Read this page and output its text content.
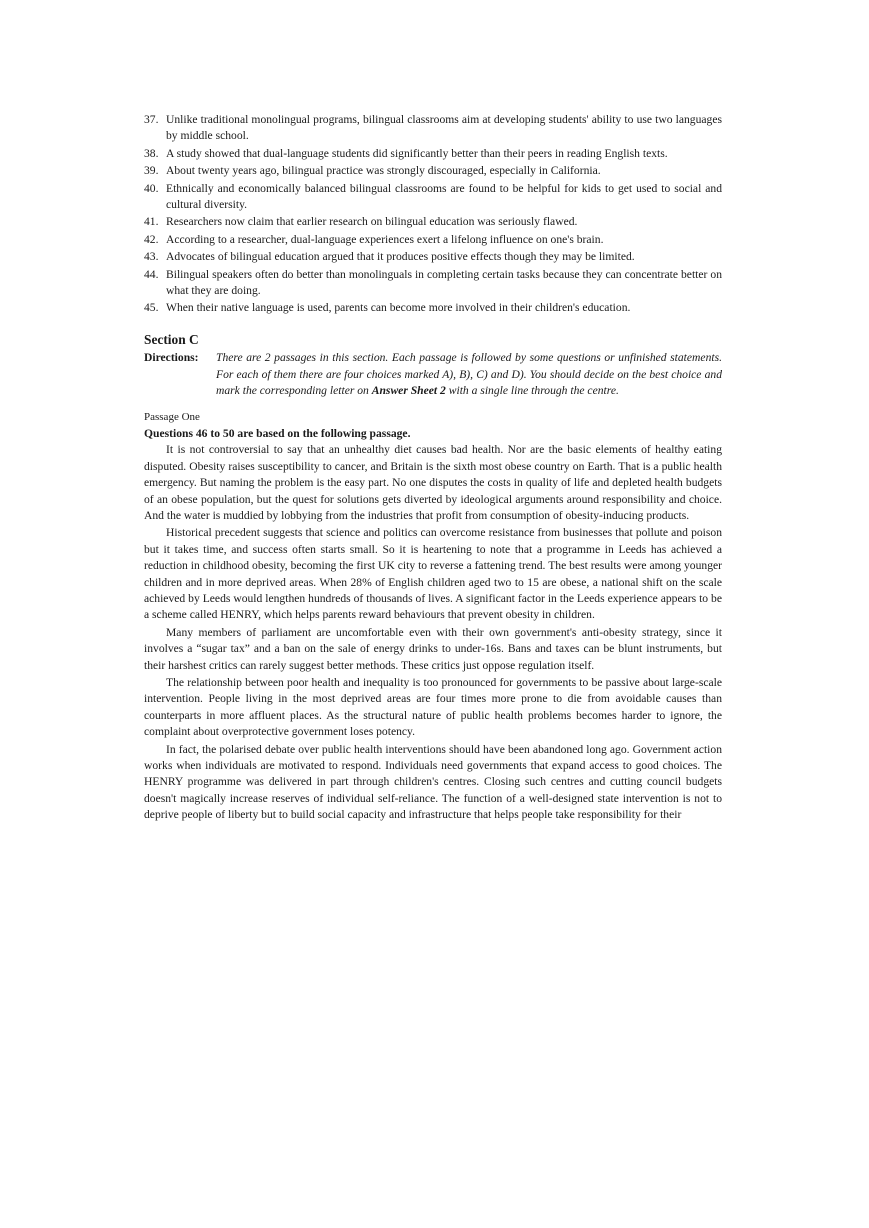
37. Unlike traditional monolingual programs, bilingual classrooms aim at developing students' ability to use two languages by middle school.
38. A study showed that dual-language students did significantly better than their peers in reading English texts.
39. About twenty years ago, bilingual practice was strongly discouraged, especially in California.
40. Ethnically and economically balanced bilingual classrooms are found to be helpful for kids to get used to social and cultural diversity.
41. Researchers now claim that earlier research on bilingual education was seriously flawed.
42. According to a researcher, dual-language experiences exert a lifelong influence on one's brain.
43. Advocates of bilingual education argued that it produces positive effects though they may be limited.
44. Bilingual speakers often do better than monolinguals in completing certain tasks because they can concentrate better on what they are doing.
45. When their native language is used, parents can become more involved in their children's education.
Section C
Directions: There are 2 passages in this section. Each passage is followed by some questions or unfinished statements. For each of them there are four choices marked A), B), C) and D). You should decide on the best choice and mark the corresponding letter on Answer Sheet 2 with a single line through the centre.
Passage One
Questions 46 to 50 are based on the following passage.

It is not controversial to say that an unhealthy diet causes bad health. Nor are the basic elements of healthy eating disputed. Obesity raises susceptibility to cancer, and Britain is the sixth most obese country on Earth. That is a public health emergency. But naming the problem is the easy part. No one disputes the costs in quality of life and depleted health budgets of an obese population, but the quest for solutions gets diverted by ideological arguments around responsibility and choice. And the water is muddied by lobbying from the industries that profit from consumption of obesity-inducing products.

Historical precedent suggests that science and politics can overcome resistance from businesses that pollute and poison but it takes time, and success often starts small. So it is heartening to note that a programme in Leeds has achieved a reduction in childhood obesity, becoming the first UK city to reverse a fattening trend. The best results were among younger children and in more deprived areas. When 28% of English children aged two to 15 are obese, a national shift on the scale achieved by Leeds would lengthen hundreds of thousands of lives. A significant factor in the Leeds experience appears to be a scheme called HENRY, which helps parents reward behaviours that prevent obesity in children.

Many members of parliament are uncomfortable even with their own government's anti-obesity strategy, since it involves a “sugar tax” and a ban on the sale of energy drinks to under-16s. Bans and taxes can be blunt instruments, but their harshest critics can rarely suggest better methods. These critics just oppose regulation itself.

The relationship between poor health and inequality is too pronounced for governments to be passive about large-scale intervention. People living in the most deprived areas are four times more prone to die from avoidable causes than counterparts in more affluent places. As the structural nature of public health problems becomes harder to ignore, the complaint about overprotective government loses potency.

In fact, the polarised debate over public health interventions should have been abandoned long ago. Government action works when individuals are motivated to respond. Individuals need governments that expand access to good choices. The HENRY programme was delivered in part through children's centres. Closing such centres and cutting council budgets doesn't magically increase reserves of individual self-reliance. The function of a well-designed state intervention is not to deprive people of liberty but to build social capacity and infrastructure that helps people take responsibility for their
